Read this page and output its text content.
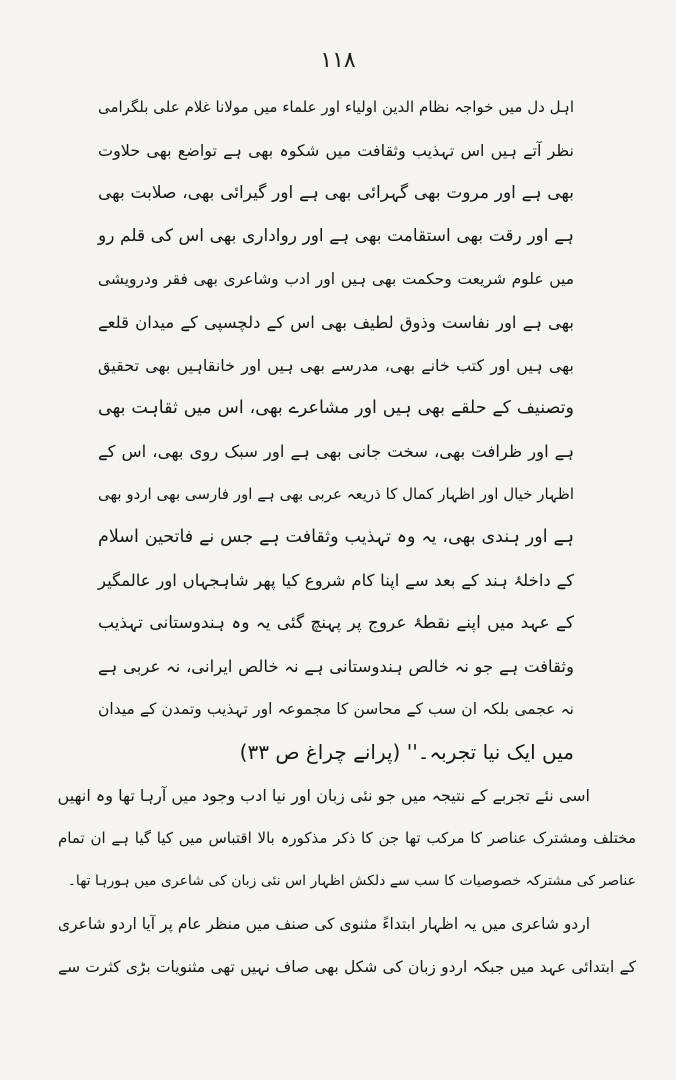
١١٨
اہل دل میں خواجہ نظام الدین اولیاء اور علماء میں مولانا غلام علی بلگرامی
نظر آتے ہیں اس تہذیب وثقافت میں شکوہ بھی ہے تواضع بھی حلاوت
بھی ہے اور مروت بھی گہرائی بھی ہے اور گیرائی بھی، صلابت بھی
ہے اور رقت بھی استقامت بھی ہے اور رواداری بھی اس کی قلم رو
میں علوم شریعت وحکمت بھی ہیں اور ادب وشاعری بھی فقر ودرویشی
بھی ہے اور نفاست وذوق لطیف بھی اس کے دلچسپی کے میدان قلعے
بھی ہیں اور کتب خانے بھی، مدرسے بھی ہیں اور خانقاہیں بھی تحقیق
وتصنیف کے حلقے بھی ہیں اور مشاعرے بھی، اس میں ثقاہت بھی
ہے اور ظرافت بھی، سخت جانی بھی ہے اور سبک روی بھی، اس کے
اظہار خیال اور اظہار کمال کا ذریعہ عربی بھی ہے اور فارسی بھی اردو بھی
ہے اور ہندی بھی، یہ وہ تہذیب وثقافت ہے جس نے فاتحین اسلام
کے داخلۂ ہند کے بعد سے اپنا کام شروع کیا پھر شاہجہاں اور عالمگیر
کے عہد میں اپنے نقطۂ عروج پر پہنچ گئی یہ وہ ہندوستانی تہذیب
وثقافت ہے جو نہ خالص ہندوستانی ہے نہ خالص ایرانی، نہ عربی ہے
نہ عجمی بلکہ ان سب کے محاسن کا مجموعہ اور تہذیب وتمدن کے میدان
میں ایک نیا تجربہ۔'' (پرانے چراغ ص ۳۳)
اسی نئے تجربے کے نتیجہ میں جو نئی زبان اور نیا ادب وجود میں آرہا تھا وہ انھیں
مختلف ومشترک عناصر کا مرکب تھا جن کا ذکر مذکورہ بالا اقتباس میں کیا گیا ہے ان تمام
عناصر کی مشترکہ خصوصیات کا سب سے دلکش اظہار اس نئی زبان کی شاعری میں ہورہا تھا۔
اردو شاعری میں یہ اظہار ابتداءً مثنوی کی صنف میں منظر عام پر آیا اردو شاعری
کے ابتدائی عہد میں جبکہ اردو زبان کی شکل بھی صاف نہیں تھی مثنویات بڑی کثرت سے
